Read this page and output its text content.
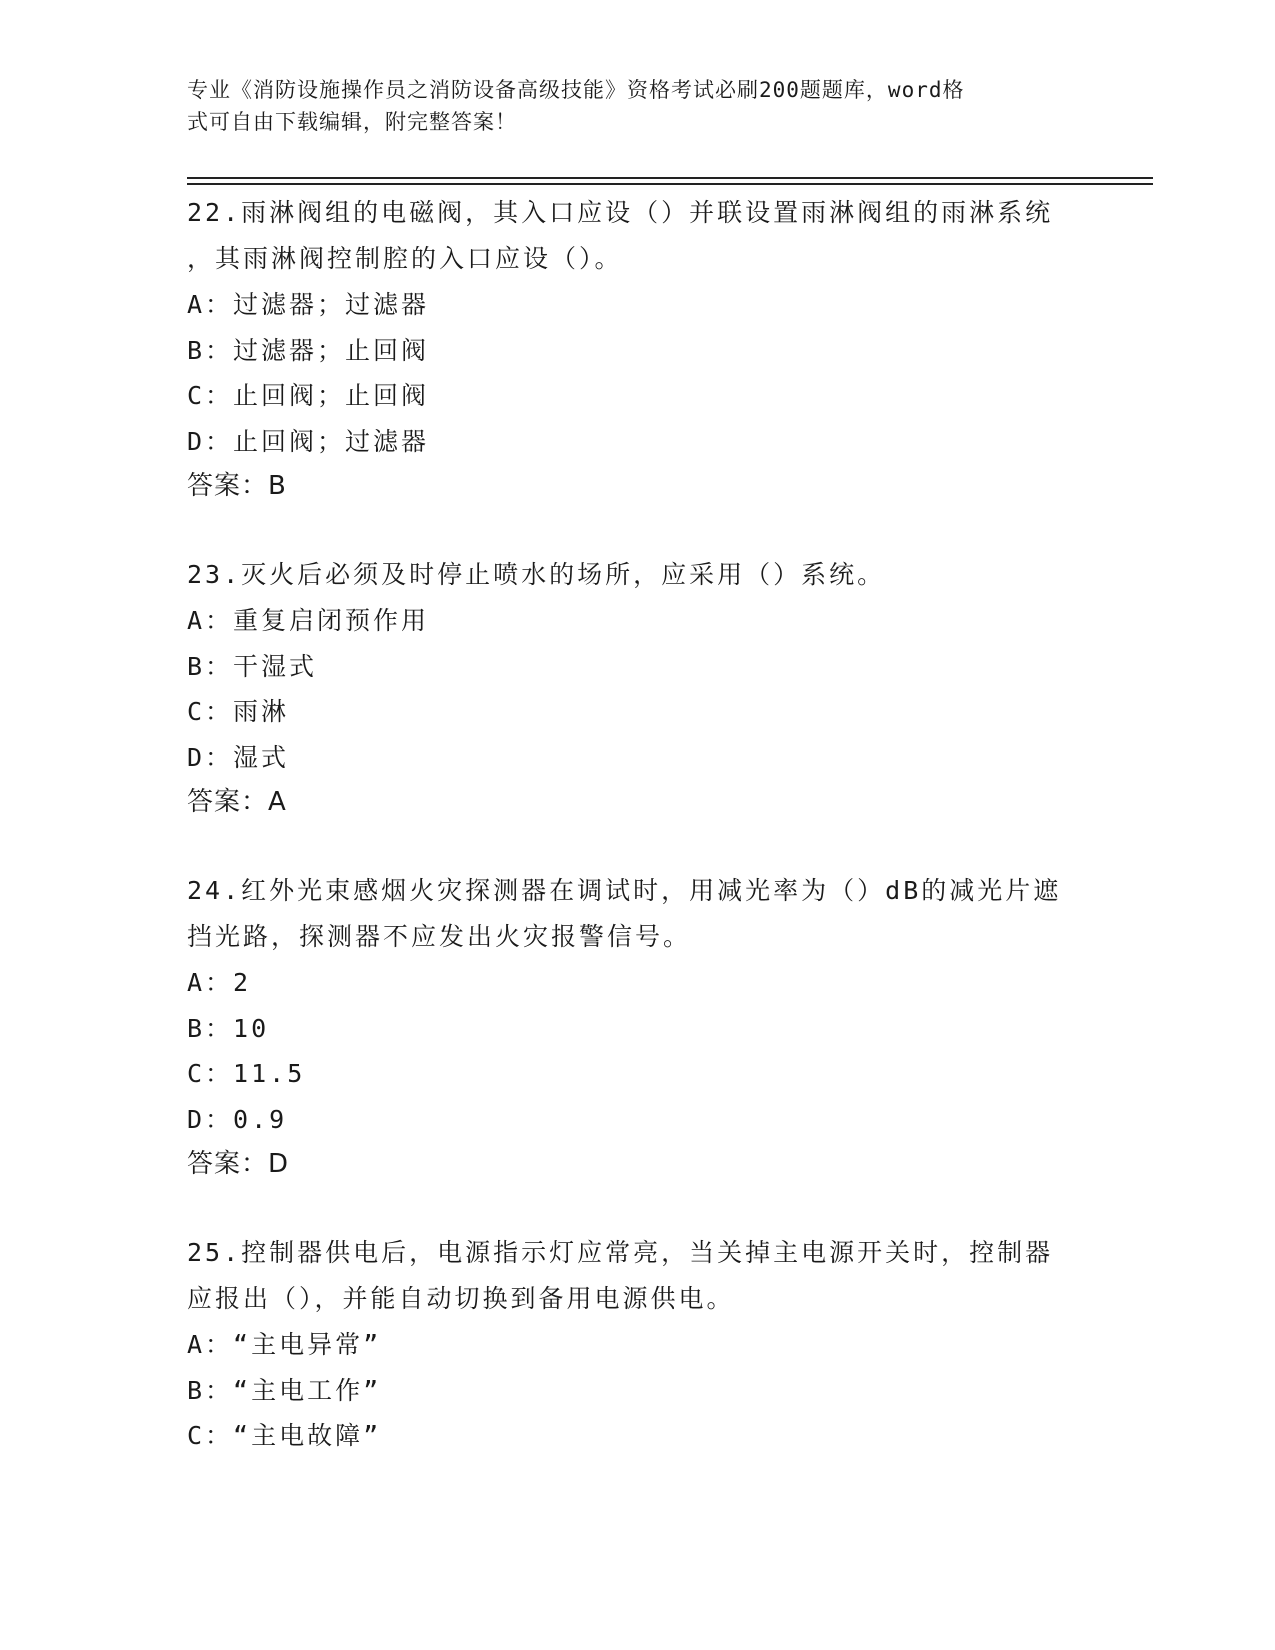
专业《消防设施操作员之消防设备高级技能》资格考试必刷200题题库，word格
式可自由下载编辑，附完整答案！
22.雨淋阀组的电磁阀，其入口应设（）并联设置雨淋阀组的雨淋系统
，其雨淋阀控制腔的入口应设（）。
A：过滤器；过滤器
B：过滤器；止回阀
C：止回阀；止回阀
D：止回阀；过滤器
答案：B
23.灭火后必须及时停止喷水的场所，应采用（）系统。
A：重复启闭预作用
B：干湿式
C：雨淋
D：湿式
答案：A
24.红外光束感烟火灾探测器在调试时，用减光率为（）dB的减光片遮
挡光路，探测器不应发出火灾报警信号。
A：2
B：10
C：11.5
D：0.9
答案：D
25.控制器供电后，电源指示灯应常亮，当关掉主电源开关时，控制器
应报出（），并能自动切换到备用电源供电。
A：“主电异常”
B：“主电工作”
C：“主电故障”
